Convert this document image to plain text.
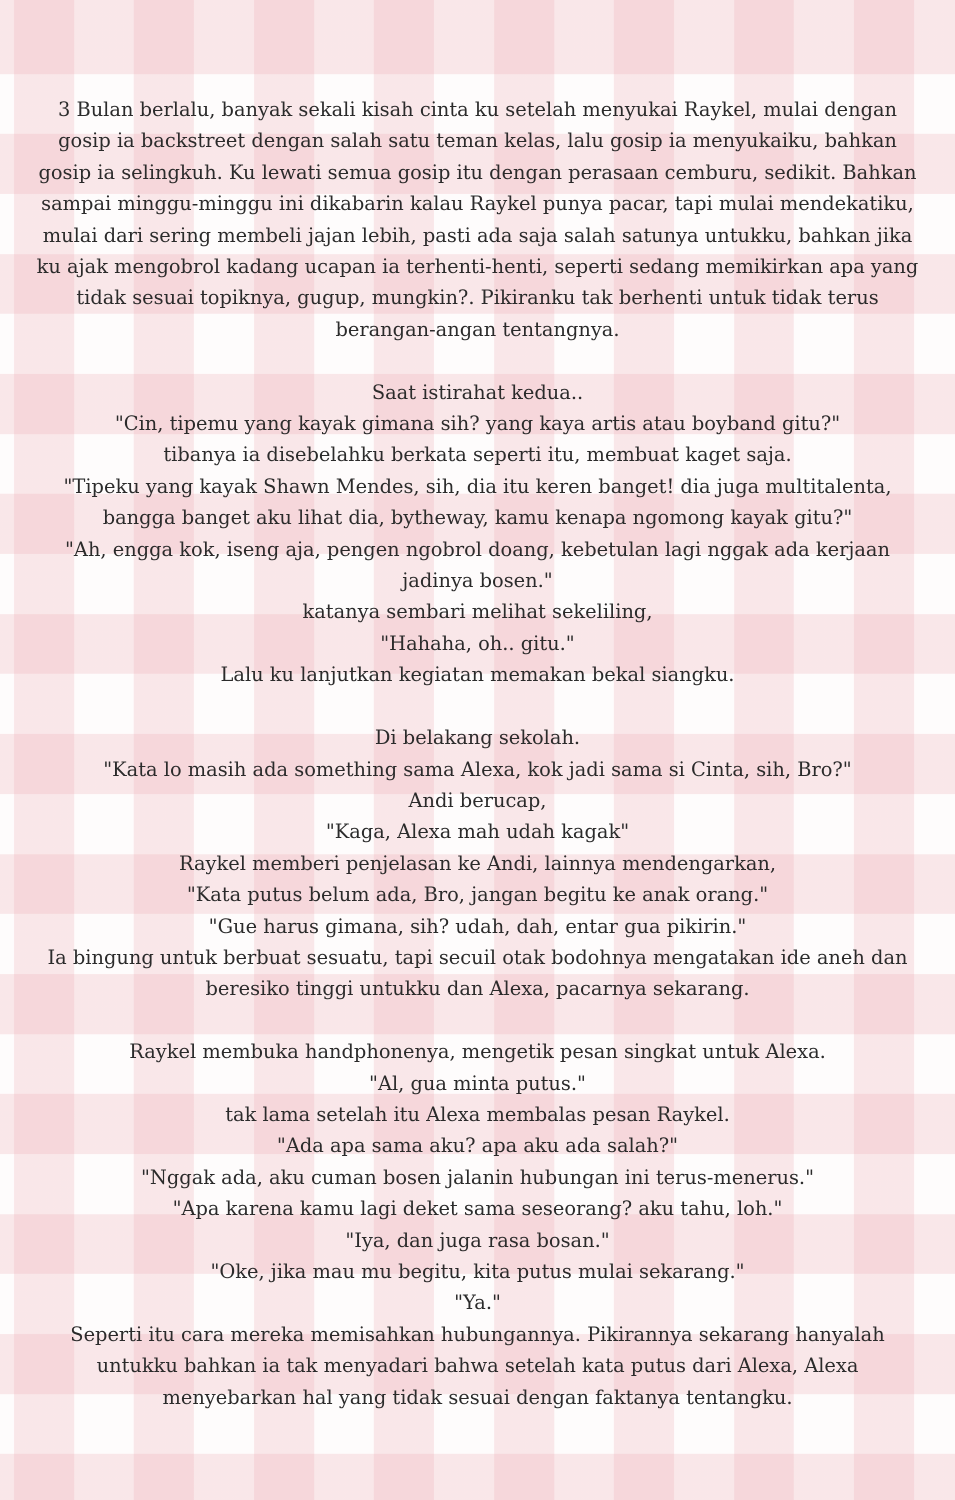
3 Bulan berlalu, banyak sekali kisah cinta ku setelah menyukai Raykel, mulai dengan gosip ia backstreet dengan salah satu teman kelas, lalu gosip ia menyukaiku, bahkan gosip ia selingkuh. Ku lewati semua gosip itu dengan perasaan cemburu, sedikit. Bahkan sampai minggu-minggu ini dikabarin kalau Raykel punya pacar, tapi mulai mendekatiku, mulai dari sering membeli jajan lebih, pasti ada saja salah satunya untukku, bahkan jika ku ajak mengobrol kadang ucapan ia terhenti-henti, seperti sedang memikirkan apa yang tidak sesuai topiknya, gugup, mungkin?. Pikiranku tak berhenti untuk tidak terus berangan-angan tentangnya.

Saat istirahat kedua..

"Cin, tipemu yang kayak gimana sih? yang kaya artis atau boyband gitu?"

tibanya ia disebelahku berkata seperti itu, membuat kaget saja.

"Tipeku yang kayak Shawn Mendes, sih, dia itu keren banget! dia juga multitalenta, bangga banget aku lihat dia, bytheway, kamu kenapa ngomong kayak gitu?"

"Ah, engga kok, iseng aja, pengen ngobrol doang, kebetulan lagi nggak ada kerjaan jadinya bosen."

katanya sembari melihat sekeliling,

"Hahaha, oh.. gitu."

Lalu ku lanjutkan kegiatan memakan bekal siangku.

Di belakang sekolah.

"Kata lo masih ada something sama Alexa, kok jadi sama si Cinta, sih, Bro?"

Andi berucap,

"Kaga, Alexa mah udah kagak"

Raykel memberi penjelasan ke Andi, lainnya mendengarkan,

"Kata putus belum ada, Bro, jangan begitu ke anak orang."

"Gue harus gimana, sih? udah, dah, entar gua pikirin."

Ia bingung untuk berbuat sesuatu, tapi secuil otak bodohnya mengatakan ide aneh dan beresiko tinggi untukku dan Alexa, pacarnya sekarang.

Raykel membuka handphonenya, mengetik pesan singkat untuk Alexa.

"Al, gua minta putus."

tak lama setelah itu Alexa membalas pesan Raykel.

"Ada apa sama aku? apa aku ada salah?"

"Nggak ada, aku cuman bosen jalanin hubungan ini terus-menerus."

"Apa karena kamu lagi deket sama seseorang? aku tahu, loh."

"Iya, dan juga rasa bosan."

"Oke, jika mau mu begitu, kita putus mulai sekarang."

"Ya."

Seperti itu cara mereka memisahkan hubungannya. Pikirannya sekarang hanyalah untukku bahkan ia tak menyadari bahwa setelah kata putus dari Alexa, Alexa menyebarkan hal yang tidak sesuai dengan faktanya tentangku.
